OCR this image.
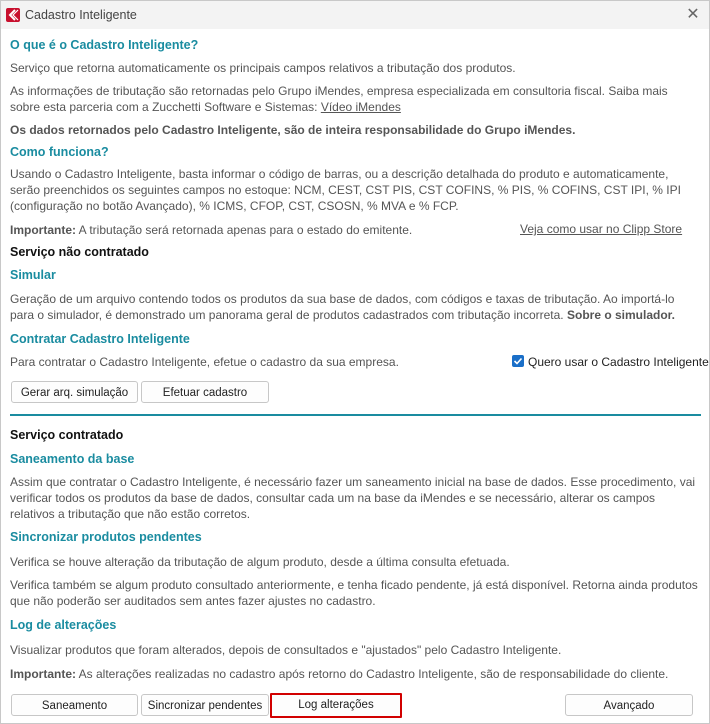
Cadastro Inteligente	✕
O que é o Cadastro Inteligente?
Serviço que retorna automaticamente os principais campos relativos a tributação dos produtos.
As informações de tributação são retornadas pelo Grupo iMendes, empresa especializada em consultoria fiscal. Saiba mais sobre esta parceria com a Zucchetti Software e Sistemas: Vídeo iMendes
Os dados retornados pelo Cadastro Inteligente, são de inteira responsabilidade do Grupo iMendes.
Como funciona?
Usando o Cadastro Inteligente, basta informar o código de barras, ou a descrição detalhada do produto e automaticamente, serão preenchidos os seguintes campos no estoque: NCM, CEST, CST PIS, CST COFINS, % PIS, % COFINS, CST IPI, % IPI (configuração no botão Avançado), % ICMS, CFOP, CST, CSOSN, % MVA e % FCP.
Importante: A tributação será retornada apenas para o estado do emitente.	Veja como usar no Clipp Store
Serviço não contratado
Simular
Geração de um arquivo contendo todos os produtos da sua base de dados, com códigos e taxas de tributação. Ao importá-lo para o simulador, é demonstrado um panorama geral de produtos cadastrados com tributação incorreta. Sobre o simulador.
Contratar Cadastro Inteligente
Para contratar o Cadastro Inteligente, efetue o cadastro da sua empresa.	Quero usar o Cadastro Inteligente
Gerar arq. simulação	Efetuar cadastro
Serviço contratado
Saneamento da base
Assim que contratar o Cadastro Inteligente, é necessário fazer um saneamento inicial na base de dados. Esse procedimento, vai verificar todos os produtos da base de dados, consultar cada um na base da iMendes e se necessário, alterar os campos relativos a tributação que não estão corretos.
Sincronizar produtos pendentes
Verifica se houve alteração da tributação de algum produto, desde a última consulta efetuada.
Verifica também se algum produto consultado anteriormente, e tenha ficado pendente, já está disponível. Retorna ainda produtos que não poderão ser auditados sem antes fazer ajustes no cadastro.
Log de alterações
Visualizar produtos que foram alterados, depois de consultados e "ajustados" pelo Cadastro Inteligente.
Importante: As alterações realizadas no cadastro após retorno do Cadastro Inteligente, são de responsabilidade do cliente.
Saneamento	Sincronizar pendentes	Log alterações	Avançado
